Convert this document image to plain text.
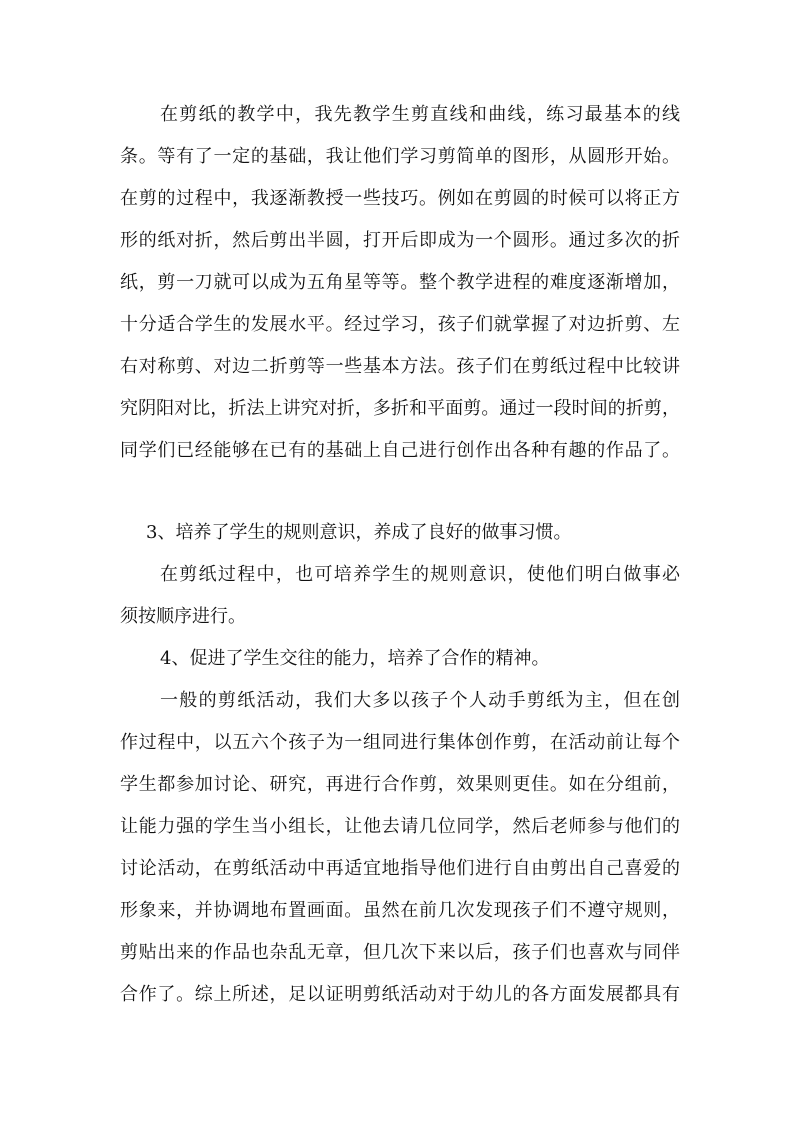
在剪纸的教学中，我先教学生剪直线和曲线，练习最基本的线
条。等有了一定的基础，我让他们学习剪简单的图形，从圆形开始。
在剪的过程中，我逐渐教授一些技巧。例如在剪圆的时候可以将正方
形的纸对折，然后剪出半圆，打开后即成为一个圆形。通过多次的折
纸，剪一刀就可以成为五角星等等。整个教学进程的难度逐渐增加，
十分适合学生的发展水平。经过学习，孩子们就掌握了对边折剪、左
右对称剪、对边二折剪等一些基本方法。孩子们在剪纸过程中比较讲
究阴阳对比，折法上讲究对折，多折和平面剪。通过一段时间的折剪，
同学们已经能够在已有的基础上自己进行创作出各种有趣的作品了。
3、培养了学生的规则意识，养成了良好的做事习惯。
在剪纸过程中，也可培养学生的规则意识，使他们明白做事必
须按顺序进行。
4、促进了学生交往的能力，培养了合作的精神。
一般的剪纸活动，我们大多以孩子个人动手剪纸为主，但在创
作过程中，以五六个孩子为一组同进行集体创作剪，在活动前让每个
学生都参加讨论、研究，再进行合作剪，效果则更佳。如在分组前，
让能力强的学生当小组长，让他去请几位同学，然后老师参与他们的
讨论活动，在剪纸活动中再适宜地指导他们进行自由剪出自己喜爱的
形象来，并协调地布置画面。虽然在前几次发现孩子们不遵守规则，
剪贴出来的作品也杂乱无章，但几次下来以后，孩子们也喜欢与同伴
合作了。综上所述，足以证明剪纸活动对于幼儿的各方面发展都具有
